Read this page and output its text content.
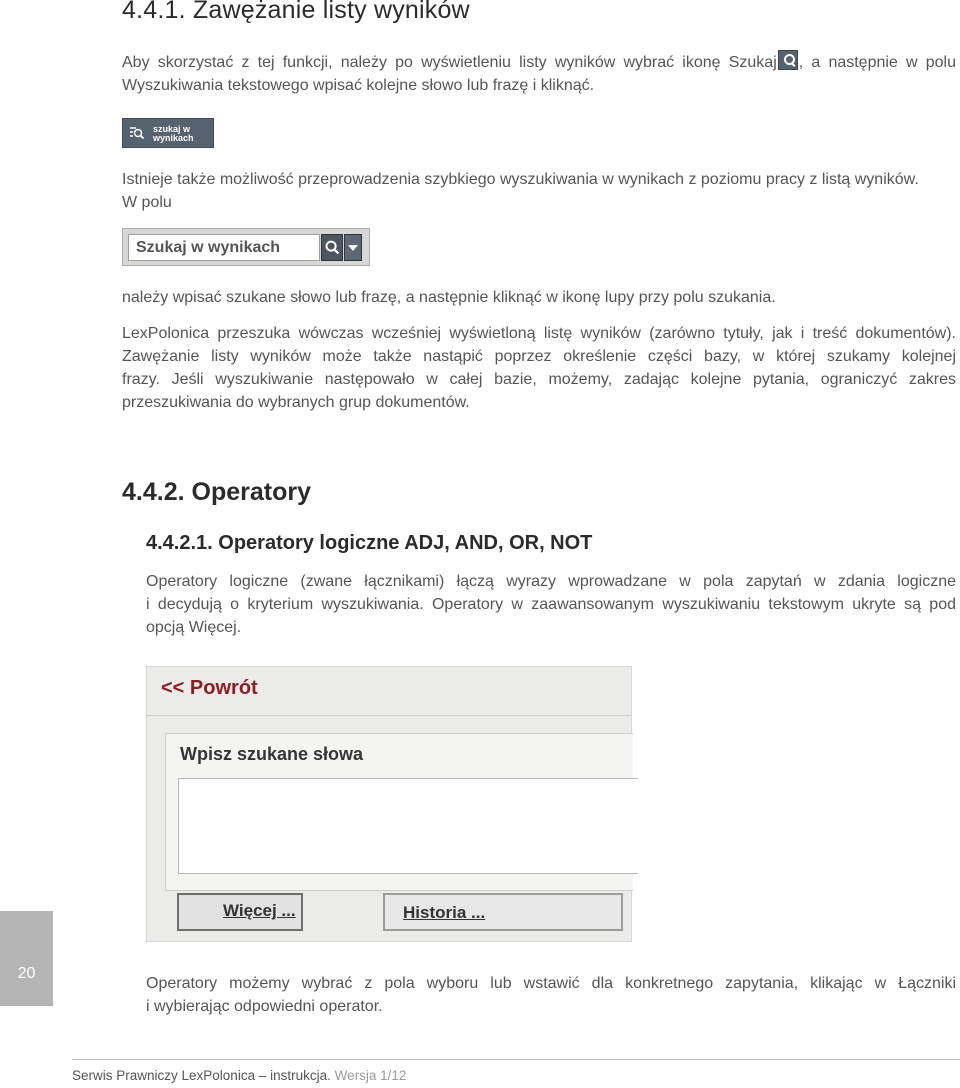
4.4.1. Zawężanie listy wyników
Aby skorzystać z tej funkcji, należy po wyświetleniu listy wyników wybrać ikonę Szukaj , a następnie w polu
Wyszukiwania tekstowego wpisać kolejne słowo lub frazę i kliknąć.
szukaj w
wynikach
Istnieje także możliwość przeprowadzenia szybkiego wyszukiwania w wynikach z poziomu pracy z listą wyników.
W polu
Szukaj w wynikach
należy wpisać szukane słowo lub frazę, a następnie kliknąć w ikonę lupy przy polu szukania.
LexPolonica przeszuka wówczas wcześniej wyświetloną listę wyników (zarówno tytuły, jak i treść dokumentów).
Zawężanie listy wyników może także nastąpić poprzez określenie części bazy, w której szukamy kolejnej
frazy. Jeśli wyszukiwanie następowało w całej bazie, możemy, zadając kolejne pytania, ograniczyć zakres
przeszukiwania do wybranych grup dokumentów.
4.4.2. Operatory
4.4.2.1. Operatory logiczne ADJ, AND, OR, NOT
Operatory logiczne (zwane łącznikami) łączą wyrazy wprowadzane w pola zapytań w zdania logiczne
i decydują o kryterium wyszukiwania. Operatory w zaawansowanym wyszukiwaniu tekstowym ukryte są pod
opcją Więcej.
<< Powrót
Wpisz szukane słowa
Więcej ...	Historia ...
Operatory możemy wybrać z pola wyboru lub wstawić dla konkretnego zapytania, klikając w Łączniki
i wybierając odpowiedni operator.
20
Serwis Prawniczy LexPolonica – instrukcja. Wersja 1/12
